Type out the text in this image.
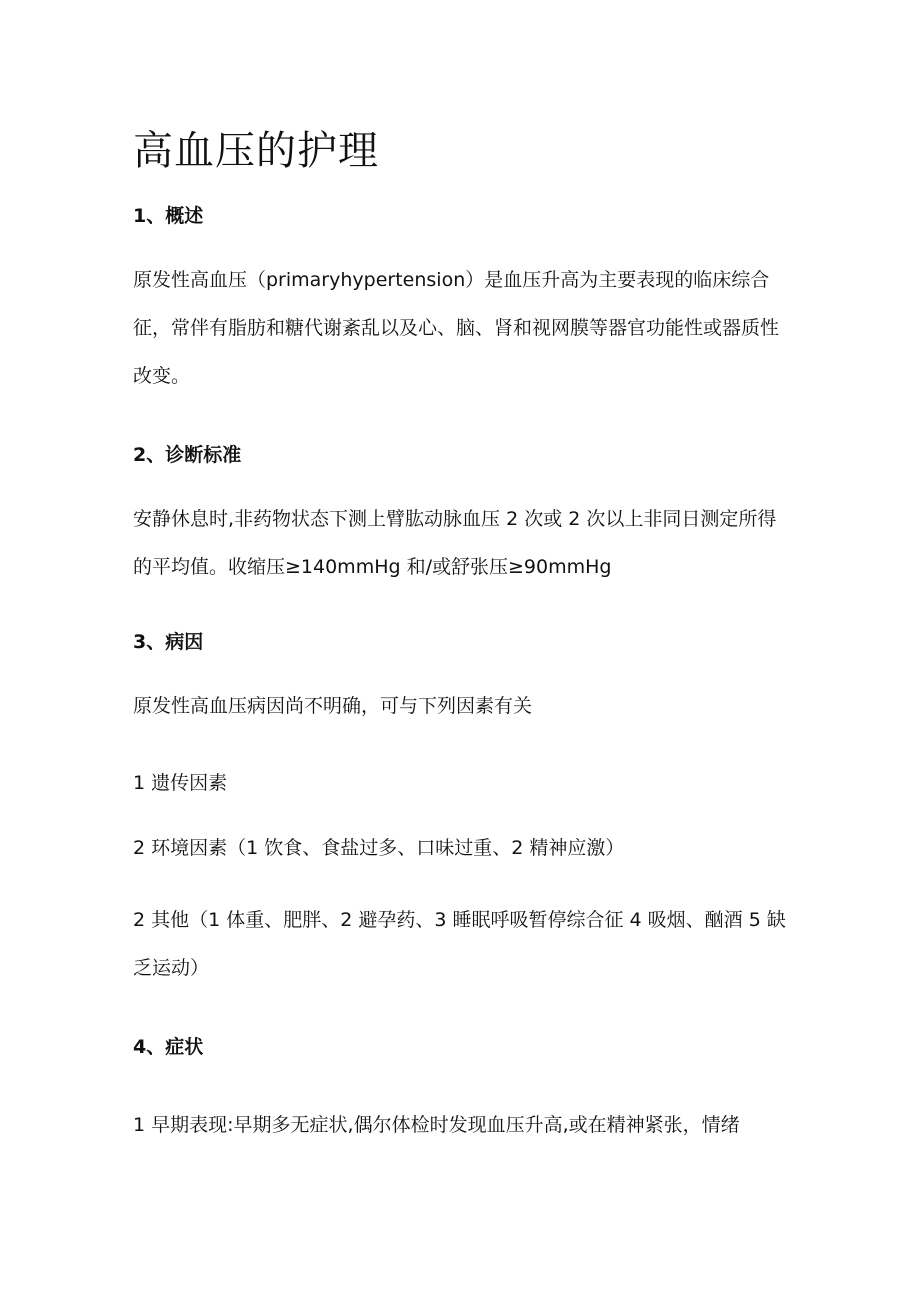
高血压的护理
1、概述

原发性高血压（primaryhypertension）是血压升高为主要表现的临床综合征，常伴有脂肪和糖代谢紊乱以及心、脑、肾和视网膜等器官功能性或器质性改变。

2、诊断标准

安静休息时,非药物状态下测上臂肱动脉血压 2 次或 2 次以上非同日测定所得的平均值。收缩压≥140mmHg 和/或舒张压≥90mmHg

3、病因

原发性高血压病因尚不明确，可与下列因素有关

1 遗传因素

2 环境因素（1 饮食、食盐过多、口味过重、2 精神应激）

2 其他（1 体重、肥胖、2 避孕药、3 睡眠呼吸暂停综合征 4 吸烟、酗酒 5 缺乏运动）

4、症状

1 早期表现:早期多无症状,偶尔体检时发现血压升高,或在精神紧张，情绪
